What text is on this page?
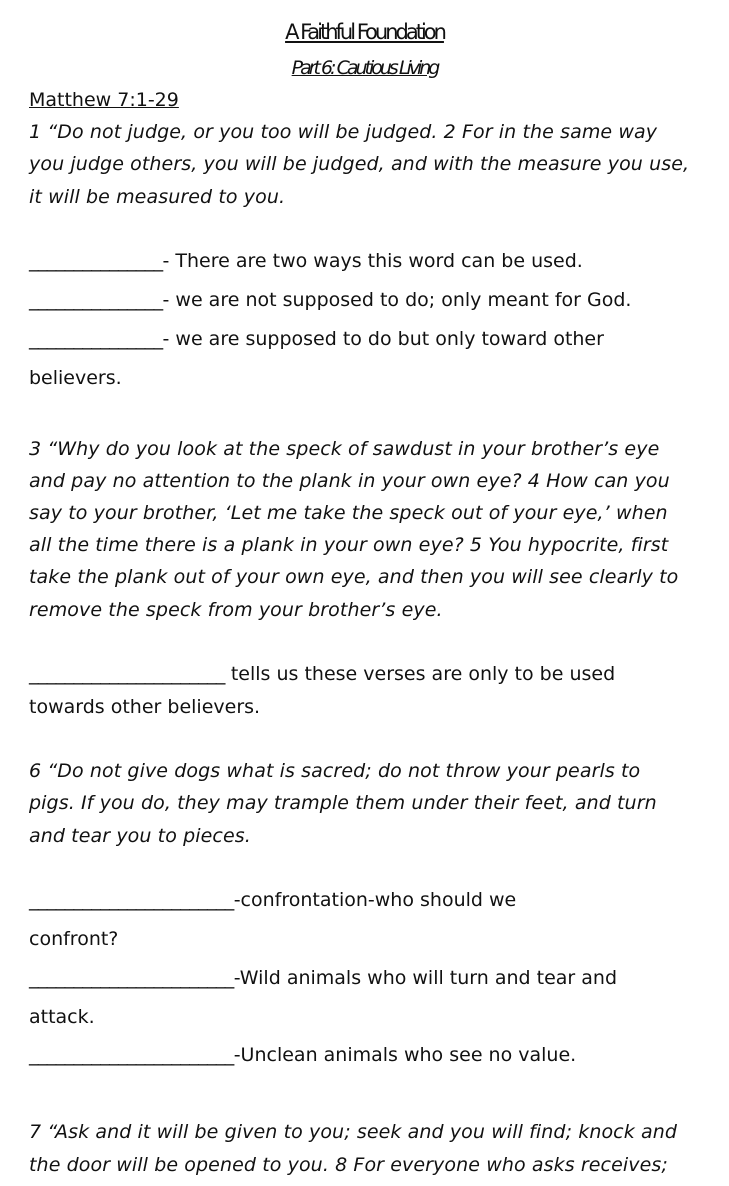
A Faithful Foundation
Part 6: Cautious Living
Matthew 7:1-29
1 “Do not judge, or you too will be judged. 2 For in the same way
you judge others, you will be judged, and with the measure you use,
it will be measured to you.
_______________- There are two ways this word can be used.
_______________- we are not supposed to do; only meant for God.
_______________- we are supposed to do but only toward other
believers.
3 “Why do you look at the speck of sawdust in your brother’s eye
and pay no attention to the plank in your own eye? 4 How can you
say to your brother, ‘Let me take the speck out of your eye,’ when
all the time there is a plank in your own eye? 5 You hypocrite, first
take the plank out of your own eye, and then you will see clearly to
remove the speck from your brother’s eye.
______________________ tells us these verses are only to be used
towards other believers.
6 “Do not give dogs what is sacred; do not throw your pearls to
pigs. If you do, they may trample them under their feet, and turn
and tear you to pieces.
_______________________-confrontation-who should we
confront?
_______________________-Wild animals who will turn and tear and
attack.
_______________________-Unclean animals who see no value.
7 “Ask and it will be given to you; seek and you will find; knock and
the door will be opened to you. 8 For everyone who asks receives;
